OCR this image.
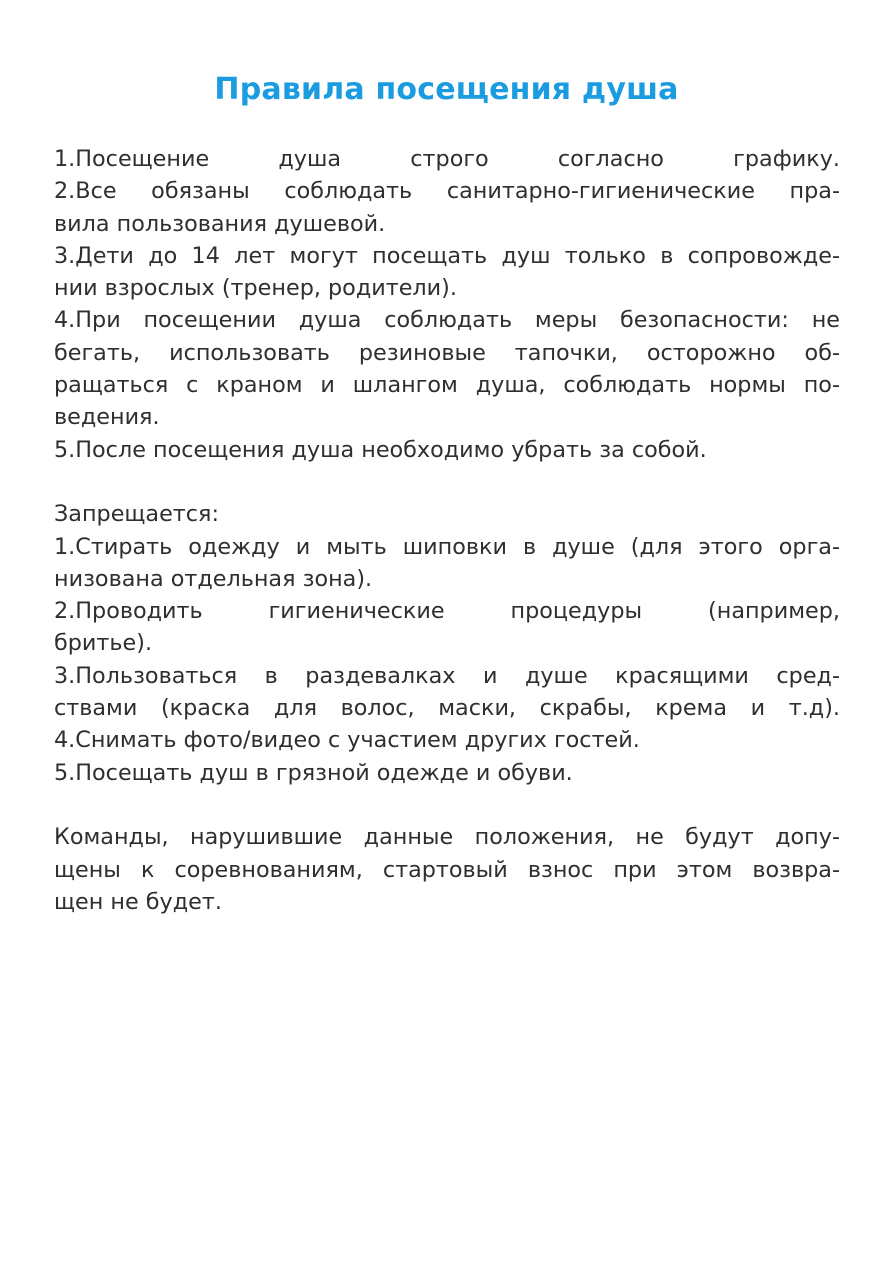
Правила посещения душа
1.Посещение душа строго согласно графику.
2.Все обязаны соблюдать санитарно-гигиенические пра-
вила пользования душевой.
3.Дети до 14 лет могут посещать душ только в сопровожде-
нии взрослых (тренер, родители).
4.При посещении душа соблюдать меры безопасности: не
бегать, использовать резиновые тапочки, осторожно об-
ращаться с краном и шлангом душа, соблюдать нормы по-
ведения.
5.После посещения душа необходимо убрать за собой.
Запрещается:
1.Стирать одежду и мыть шиповки в душе (для этого орга-
низована отдельная зона).
2.Проводить гигиенические процедуры (например,
бритье).
3.Пользоваться в раздевалках и душе красящими сред-
ствами (краска для волос, маски, скрабы, крема и т.д).
4.Снимать фото/видео с участием других гостей.
5.Посещать душ в грязной одежде и обуви.
Команды, нарушившие данные положения, не будут допу-
щены к соревнованиям, стартовый взнос при этом возвра-
щен не будет.
